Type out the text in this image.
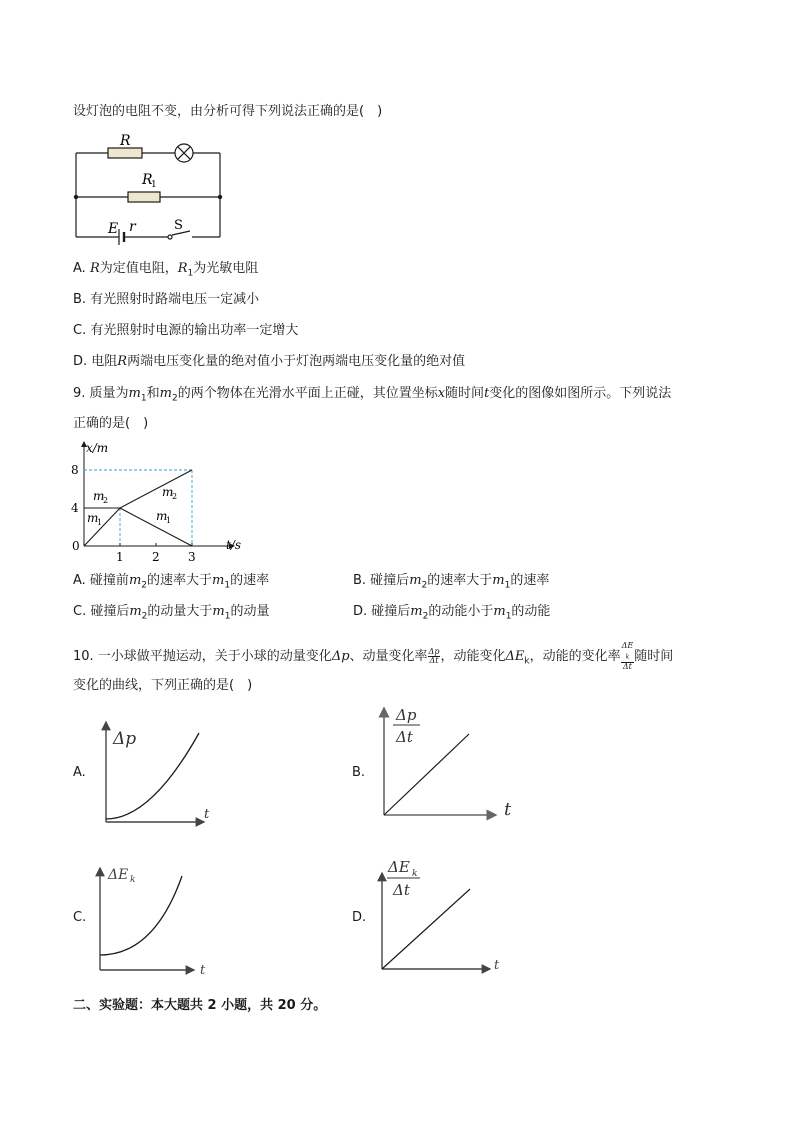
设灯泡的电阻不变，由分析可得下列说法正确的是(　)
R
R
1
E r	S
A. R为定值电阻，$R_1$为光敏电阻
B. 有光照射时路端电压一定减小
C. 有光照射时电源的输出功率一定增大
D. 电阻R两端电压变化量的绝对值小于灯泡两端电压变化量的绝对值
9. 质量为$m_1$和$m_2$的两个物体在光滑水平面上正碰，其位置坐标x随时间t变化的图像如图所示。下列说法
正确的是(　)
1 2 3
4
8
x/m
t/s
0
m
2
m
1
m
2
m
1
A. 碰撞前$m_2$的速率大于$m_1$的速率	B. 碰撞后$m_2$的速率大于$m_1$的速率
C. 碰撞后$m_2$的动量大于$m_1$的动量	D. 碰撞后$m_2$的动能小于$m_1$的动能
10. 一小球做平抛运动，关于小球的动量变化Δp、动量变化率 $\frac{\Delta p}{\Delta t}$ ，动能变化$\Delta E_k$，动能的变化率 ΔE
$_k$
Δt 随时间
变化的曲线，下列正确的是(　)
A.	B.
C.	D.
Δp
t
Δp
Δt
t
ΔE k
t
ΔE k
Δt
t
二、实验题：本大题共 2 小题，共 20 分。
